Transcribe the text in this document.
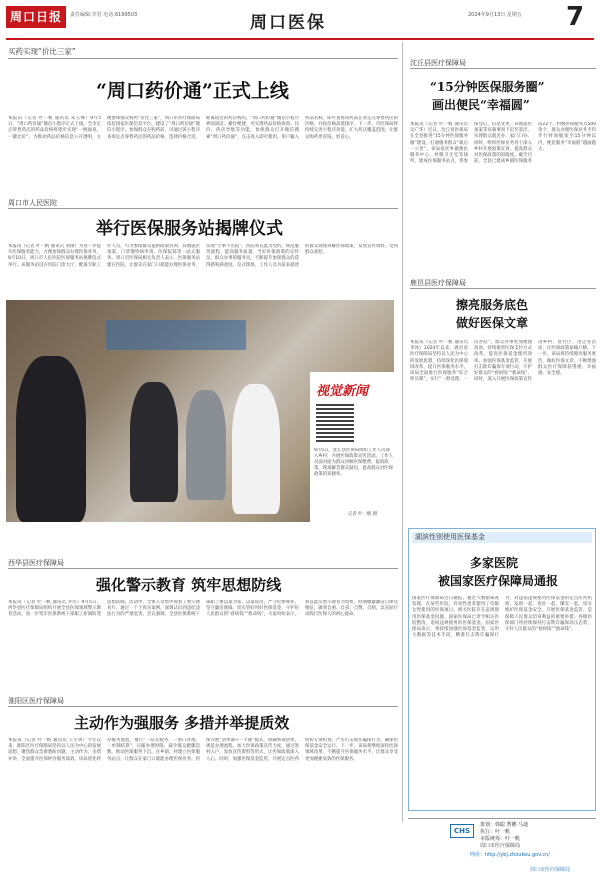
周口日报	责任编辑:李君 电话:6199503	周口医保	2024年9月13日 星期五 7
买药实现“价比三家”
“周口药价通”正式上线
本报讯（记者 叶一帆 通讯员 朱玉峰）9月5日，“周口药价通”微信小程序正式上线，全市定点零售药店的药品价格将逐步实现“一网通查、一键比价”。为推动药品价格信息公开透明，方便参保群众购药“价比三家”，周口市医疗保障局依托国家医保信息平台，建设了“周口药价通”微信小程序。参保群众在购药前，可通过该小程序查询定点零售药店的药品价格，选择价格合适、距离较近的药店购药。“周口药价通”微信小程序界面简洁、操作便捷，可实现药品价格查询、比价、药店导航等功能。参保群众打开微信搜索“周口药价通”，点击进入即可使用。用户输入药品名称，即可查看该药品在各定点零售药店的价格，并按价格高低排序。下一步，市医保局将持续完善小程序功能，扩大药店覆盖范围，让群众购药更省钱、更省心。
周口市人民医院
举行医保服务站揭牌仪式
本报讯（记者 叶一帆 通讯员 刘俊）为进一步提升医保服务能力，方便参保群众办理医保业务，9月10日，周口市人民医院医保服务站揭牌仪式举行。该服务站设在医院门诊大厅，配备专职工作人员，可为参保群众提供政策咨询、异地就医备案、门诊慢特病申请、医保报销等一站式服务。周口市医保局相关负责人表示，医保服务站建在医院，让群众在家门口就能办理医保业务，实现“小事不出院”。医院将以此为契机，规范服务流程，提高服务质量，当好医保政策的宣传员、群众办事的服务员，不断提升参保群众的获得感和满意度。仪式现场，工作人员为前来就诊的群众现场讲解医保政策，发放宣传资料，受到群众欢迎。
视觉新闻
9月5日，沈丘县医保局组织工作人员深入乡村，开展医保政策宣传活动。工作人员面对面为群众讲解医保缴费、报销政策，现场解答群众疑问，提高群众对医保政策的知晓率。
记者 叶一帆 摄
沈丘县医疗保障局
“15分钟医保服务圈”
画出便民“幸福圆”
本报讯（记者 叶一帆 通讯员 吴广华）近日，沈丘县医保局在全县推进“15分钟医保服务圈”建设，打通服务群众“最后一公里”。该局依托乡镇便民服务中心、村级卫生室等场所，建成医保服务站点，将参保登记、信息变更、异地就医备案等高频事项下沉至基层，实现群众就近办、家门口办。同时，组织医保业务骨干深入乡村开展政策宣讲，提高群众对医保政策的知晓度。截至目前，全县已建成乡镇医保服务站22个、村级医保服务点500余个，群众办理医保业务平均步行时间缩短至15分钟以内，便民服务“幸福圆”越画越大。
鹿邑县医疗保障局
擦亮服务底色
做好医保文章
本报讯（记者 叶一帆 通讯员 李冰）2024年以来，鹿邑县医疗保障局坚持以人民为中心的发展思想，持续深化医保领域改革，提升医保服务水平。该局全面推行医保服务“综合柜员制”，实行“一窗受理、一次办结”，群众办事更加便捷高效。持续推进医保支付方式改革，提高医保基金使用效率。加强医保基金监管，开展打击欺诈骗保专项行动，守护好群众的“看病钱”“救命钱”。同时，深入开展医保政策宣传进乡村、进社区、进企业活动，让医保政策家喻户晓。下一步，该局将持续擦亮服务底色，做好医保文章，不断增强群众医疗保障获得感、幸福感、安全感。
西华县医疗保障局
强化警示教育 筑牢思想防线
本报讯（记者 叶一帆 通讯员 李洋）9月5日，西华县医疗保障局组织开展全县医保领域警示教育活动，进一步筑牢医保系统干部职工拒腐防变思想防线。活动中，全体人员集中观看了警示教育片，通过一个个真实案例，深刻认识到违纪违法行为的严重危害。会议强调，全县医保系统干部职工要以案为鉴、以案促改，严守纪律规矩，坚守廉洁底线，切实管好用好医保基金，守护好人民群众的“看病钱”“救命钱”。大家纷纷表示，将以此次警示教育为契机，时刻绷紧廉洁自律这根弦，做到自重、自省、自警、自励，以实际行动践行医保人的初心使命。
淮阳区医疗保障局
主动作为强服务 多措并举提质效
本报讯（记者 叶一帆 通讯员 王小勇）今年以来，淮阳区医疗保障局坚持以人民为中心的发展思想，聚焦群众急难愁盼问题，主动作为，多措并举，全面提升医保经办服务质效。该局优化经办服务流程，推行“一站式服务、一窗口办理、一单制结算”，压缩办理时限，减少群众跑腿次数。推动医保服务下沉，在乡镇、村建立医保服务站点，让群众在家门口就能办理医保业务。持续开展“清单制+一卡通”模式，明确事项清单，规范办理流程。加大医保政策宣传力度，通过进村入户、发放宣传资料等形式，让医保政策深入人心。同时，加强医保基金监管，开展定点医药机构专项检查，严厉打击欺诈骗保行为，确保医保基金安全运行。下一步，该局将继续深化医保领域改革，不断提升医保服务水平，让群众享受更加便捷高效的医保服务。
湖滨性别使用医保基金
多家医院
被国家医疗保障局通报
国家医疗保障局近日通报，通过大数据筛查发现，在某些医院，有男性患者使用了仅限女性使用的医保项目。相关医院存在违规使用医保基金问题，国家医保局已责令相关医院整改，追回违规使用的医保基金。国家医保局表示，将持续加强医保基金监管，运用大数据等技术手段，精准打击欺诈骗保行为，对违法违规使用医保基金的定点医药机构，发现一起、查处一起、曝光一起，切实维护医保基金安全。开展医保基金监管，是保障人民群众切身利益的重要举措。各级医保部门将持续保持打击欺诈骗保高压态势，守好人民群众的“看病钱”“救命钱”。
CHS
策划：韩聪 曹鹏 马迪
执行：叶一帆
本版统筹：叶一帆
周口市医疗保障局
网址：http://ybj.zhoukou.gov.cn/
周口市医疗保障局
